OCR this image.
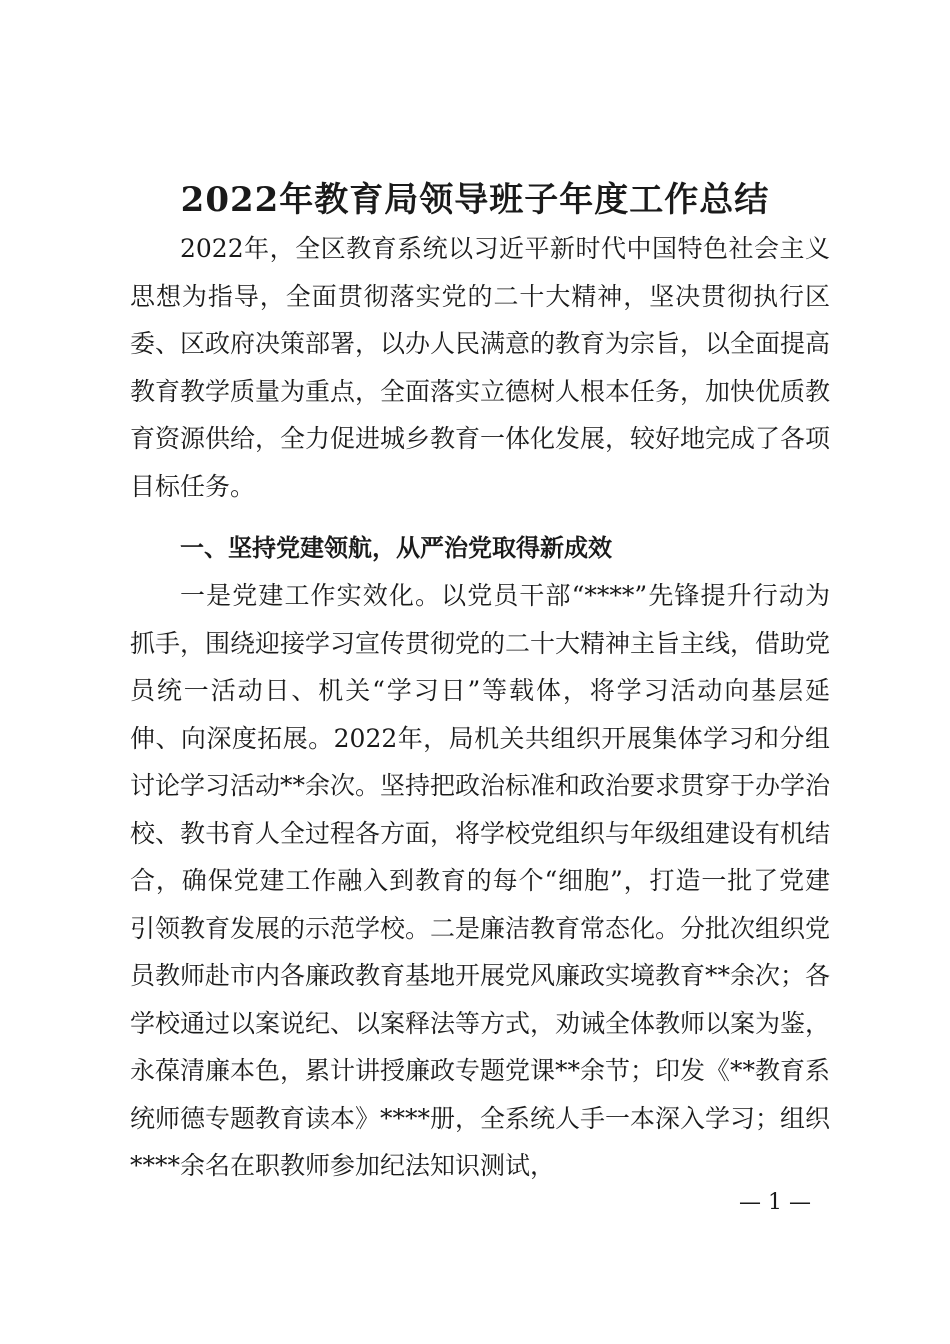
2022年教育局领导班子年度工作总结

2022年，全区教育系统以习近平新时代中国特色社会主义思想为指导，全面贯彻落实党的二十大精神，坚决贯彻执行区委、区政府决策部署，以办人民满意的教育为宗旨，以全面提高教育教学质量为重点，全面落实立德树人根本任务，加快优质教育资源供给，全力促进城乡教育一体化发展，较好地完成了各项目标任务。

一、坚持党建领航，从严治党取得新成效

一是党建工作实效化。以党员干部“****”先锋提升行动为抓手，围绕迎接学习宣传贯彻党的二十大精神主旨主线，借助党员统一活动日、机关“学习日”等载体，将学习活动向基层延伸、向深度拓展。2022年，局机关共组织开展集体学习和分组讨论学习活动**余次。坚持把政治标准和政治要求贯穿于办学治校、教书育人全过程各方面，将学校党组织与年级组建设有机结合，确保党建工作融入到教育的每个“细胞”，打造一批了党建引领教育发展的示范学校。二是廉洁教育常态化。分批次组织党员教师赴市内各廉政教育基地开展党风廉政实境教育**余次；各学校通过以案说纪、以案释法等方式，劝诫全体教师以案为鉴，永葆清廉本色，累计讲授廉政专题党课**余节；印发《**教育系统师德专题教育读本》****册，全系统人手一本深入学习；组织****余名在职教师参加纪法知识测试，

— 1 —
